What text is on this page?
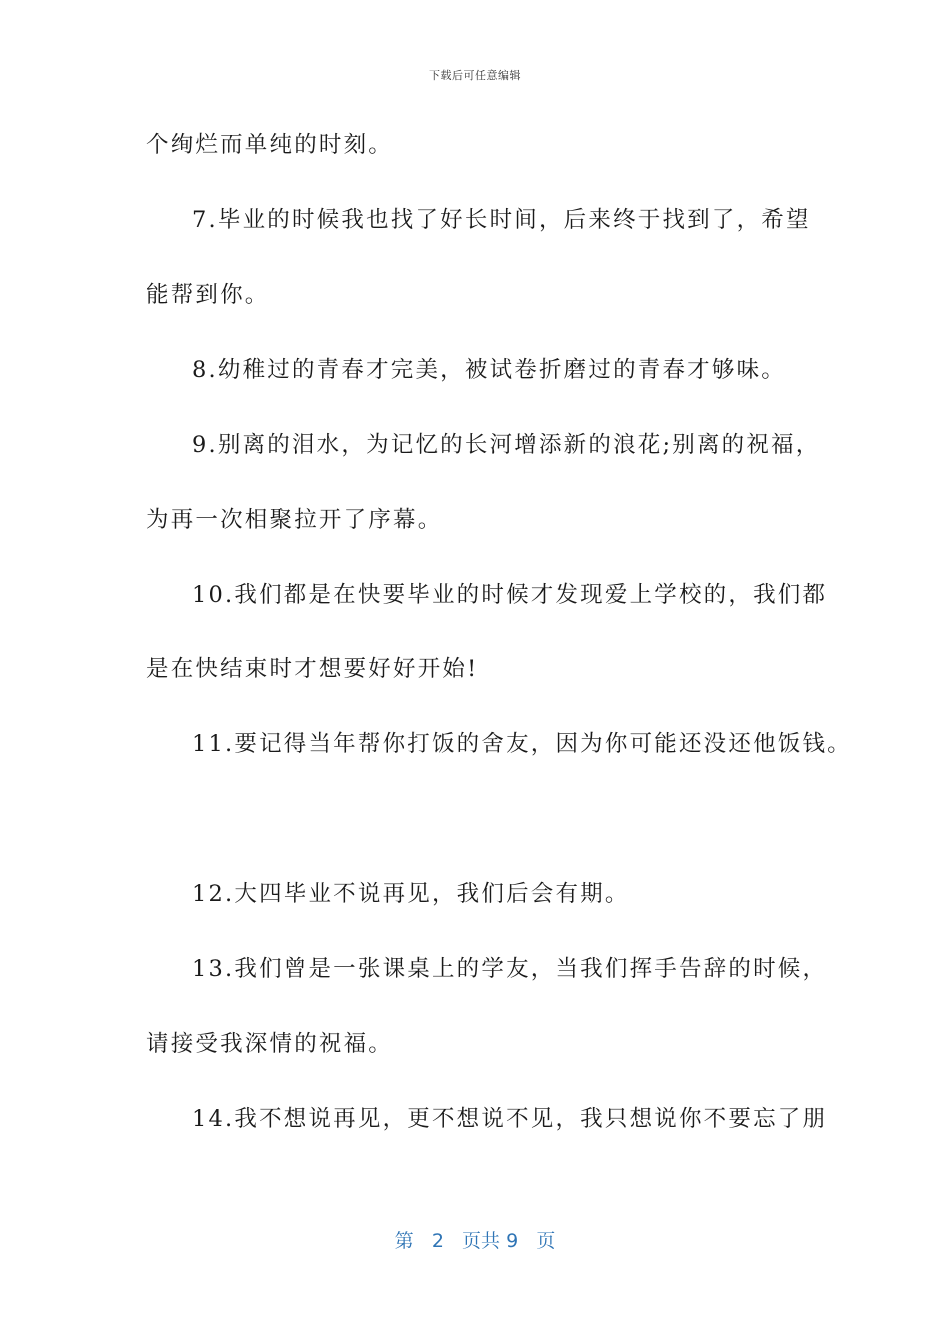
下载后可任意编辑
个绚烂而单纯的时刻。
7.毕业的时候我也找了好长时间，后来终于找到了，希望
能帮到你。
8.幼稚过的青春才完美，被试卷折磨过的青春才够味。
9.别离的泪水，为记忆的长河增添新的浪花;别离的祝福，
为再一次相聚拉开了序幕。
10.我们都是在快要毕业的时候才发现爱上学校的，我们都
是在快结束时才想要好好开始!
11.要记得当年帮你打饭的舍友，因为你可能还没还他饭钱。
12.大四毕业不说再见，我们后会有期。
13.我们曾是一张课桌上的学友，当我们挥手告辞的时候，
请接受我深情的祝福。
14.我不想说再见，更不想说不见，我只想说你不要忘了朋
第 2 页共 9 页
